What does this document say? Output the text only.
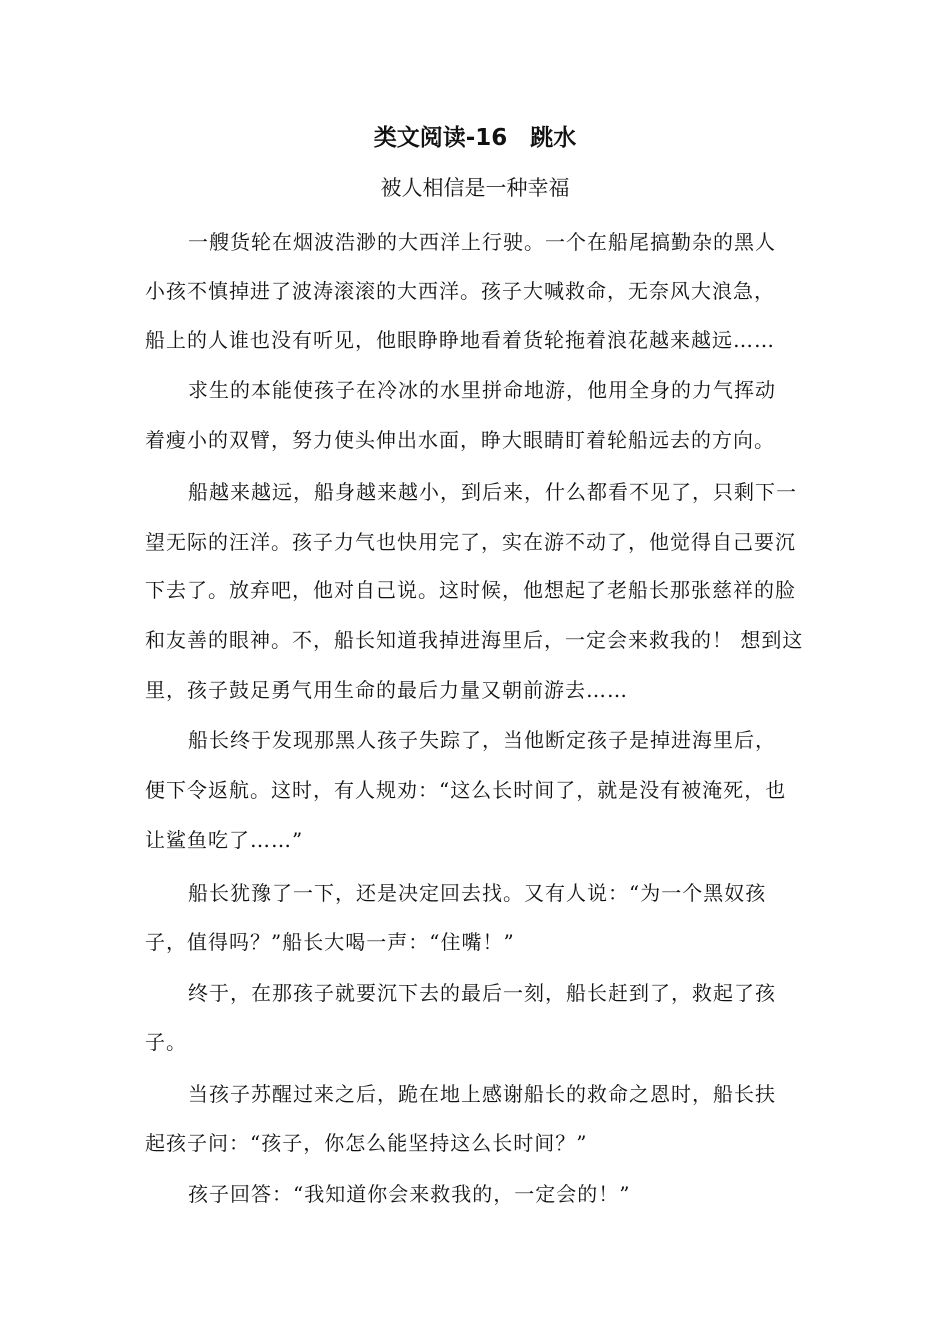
类文阅读-16　跳水
被人相信是一种幸福
一艘货轮在烟波浩渺的大西洋上行驶。一个在船尾搞勤杂的黑人
小孩不慎掉进了波涛滚滚的大西洋。孩子大喊救命，无奈风大浪急，
船上的人谁也没有听见，他眼睁睁地看着货轮拖着浪花越来越远……
求生的本能使孩子在冷冰的水里拼命地游，他用全身的力气挥动
着瘦小的双臂，努力使头伸出水面，睁大眼睛盯着轮船远去的方向。
船越来越远，船身越来越小，到后来，什么都看不见了，只剩下一
望无际的汪洋。孩子力气也快用完了，实在游不动了，他觉得自己要沉
下去了。放弃吧，他对自己说。这时候，他想起了老船长那张慈祥的脸
和友善的眼神。不，船长知道我掉进海里后，一定会来救我的！ 想到这
里，孩子鼓足勇气用生命的最后力量又朝前游去……
船长终于发现那黑人孩子失踪了，当他断定孩子是掉进海里后，
便下令返航。这时，有人规劝：“这么长时间了，就是没有被淹死，也
让鲨鱼吃了……”
船长犹豫了一下，还是决定回去找。又有人说：“为一个黑奴孩
子，值得吗？”船长大喝一声：“住嘴！”
终于，在那孩子就要沉下去的最后一刻，船长赶到了，救起了孩
子。
当孩子苏醒过来之后，跪在地上感谢船长的救命之恩时，船长扶
起孩子问：“孩子，你怎么能坚持这么长时间？”
孩子回答：“我知道你会来救我的，一定会的！”
